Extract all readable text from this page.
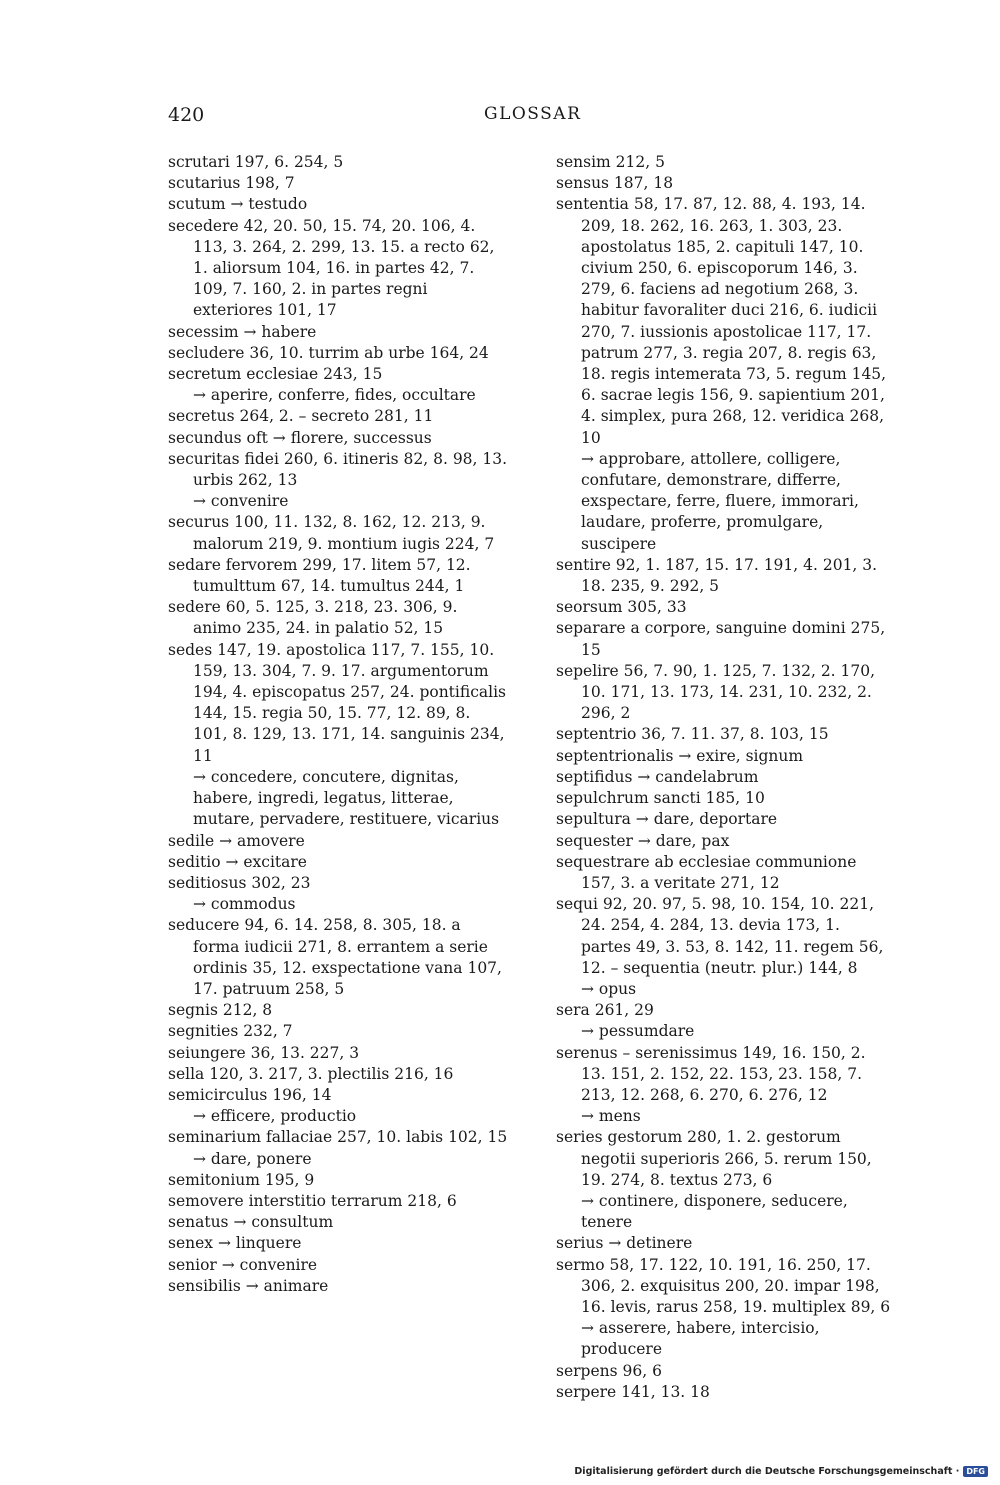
420	GLOSSAR
scrutari 197, 6. 254, 5
scutarius 198, 7
scutum → testudo
secedere 42, 20. 50, 15. 74, 20. 106, 4. 113, 3. 264, 2. 299, 13. 15. a recto 62, 1. aliorsum 104, 16. in partes 42, 7. 109, 7. 160, 2. in partes regni exteriores 101, 17
secessim → habere
secludere 36, 10. turrim ab urbe 164, 24
secretum ecclesiae 243, 15
→ aperire, conferre, fides, occultare
secretus 264, 2. – secreto 281, 11
secundus oft → florere, successus
securitas fidei 260, 6. itineris 82, 8. 98, 13. urbis 262, 13
→ convenire
securus 100, 11. 132, 8. 162, 12. 213, 9. malorum 219, 9. montium iugis 224, 7
sedare fervorem 299, 17. litem 57, 12. tumulttum 67, 14. tumultus 244, 1
sedere 60, 5. 125, 3. 218, 23. 306, 9. animo 235, 24. in palatio 52, 15
sedes 147, 19. apostolica 117, 7. 155, 10. 159, 13. 304, 7. 9. 17. argumentorum 194, 4. episcopatus 257, 24. pontificalis 144, 15. regia 50, 15. 77, 12. 89, 8. 101, 8. 129, 13. 171, 14. sanguinis 234, 11
→ concedere, concutere, dignitas, habere, ingredi, legatus, litterae, mutare, pervadere, restituere, vicarius
sedile → amovere
seditio → excitare
seditiosus 302, 23
→ commodus
seducere 94, 6. 14. 258, 8. 305, 18. a forma iudicii 271, 8. errantem a serie ordinis 35, 12. exspectatione vana 107, 17. patruum 258, 5
segnis 212, 8
segnities 232, 7
seiungere 36, 13. 227, 3
sella 120, 3. 217, 3. plectilis 216, 16
semicirculus 196, 14
→ efficere, productio
seminarium fallaciae 257, 10. labis 102, 15
→ dare, ponere
semitonium 195, 9
semovere interstitio terrarum 218, 6
senatus → consultum
senex → linquere
senior → convenire
sensibilis → animare
sensim 212, 5
sensus 187, 18
sententia 58, 17. 87, 12. 88, 4. 193, 14. 209, 18. 262, 16. 263, 1. 303, 23. apostolatus 185, 2. capituli 147, 10. civium 250, 6. episcoporum 146, 3. 279, 6. faciens ad negotium 268, 3. habitur favoraliter duci 216, 6. iudicii 270, 7. iussionis apostolicae 117, 17. patrum 277, 3. regia 207, 8. regis 63, 18. regis intemerata 73, 5. regum 145, 6. sacrae legis 156, 9. sapientium 201, 4. simplex, pura 268, 12. veridica 268, 10
→ approbare, attollere, colligere, confutare, demonstrare, differre, exspectare, ferre, fluere, immorari, laudare, proferre, promulgare, suscipere
sentire 92, 1. 187, 15. 17. 191, 4. 201, 3. 18. 235, 9. 292, 5
seorsum 305, 33
separare a corpore, sanguine domini 275, 15
sepelire 56, 7. 90, 1. 125, 7. 132, 2. 170, 10. 171, 13. 173, 14. 231, 10. 232, 2. 296, 2
septentrio 36, 7. 11. 37, 8. 103, 15
septentrionalis → exire, signum
septifidus → candelabrum
sepulchrum sancti 185, 10
sepultura → dare, deportare
sequester → dare, pax
sequestrare ab ecclesiae communione 157, 3. a veritate 271, 12
sequi 92, 20. 97, 5. 98, 10. 154, 10. 221, 24. 254, 4. 284, 13. devia 173, 1. partes 49, 3. 53, 8. 142, 11. regem 56, 12. – sequentia (neutr. plur.) 144, 8
→ opus
sera 261, 29
→ pessumdare
serenus – serenissimus 149, 16. 150, 2. 13. 151, 2. 152, 22. 153, 23. 158, 7. 213, 12. 268, 6. 270, 6. 276, 12
→ mens
series gestorum 280, 1. 2. gestorum negotii superioris 266, 5. rerum 150, 19. 274, 8. textus 273, 6
→ continere, disponere, seducere, tenere
serius → detinere
sermo 58, 17. 122, 10. 191, 16. 250, 17. 306, 2. exquisitus 200, 20. impar 198, 16. levis, rarus 258, 19. multiplex 89, 6
→ asserere, habere, intercisio, producere
serpens 96, 6
serpere 141, 13. 18
Digitalisierung gefördert durch die Deutsche Forschungsgemeinschaft · DFG
